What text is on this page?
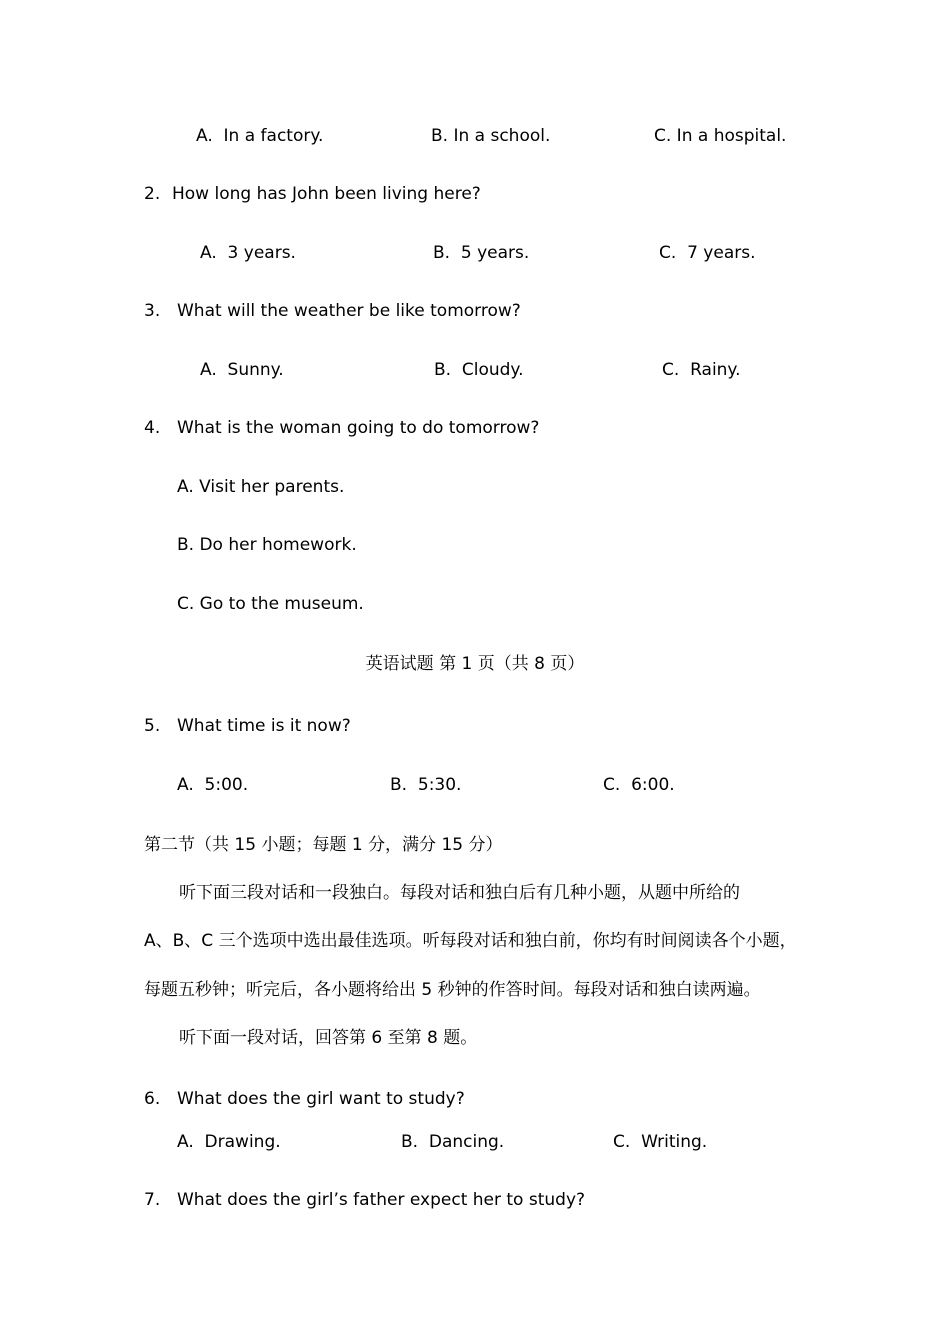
A.  In a factory.	B. In a school.	C. In a hospital.
2. How long has John been living here?
A.  3 years.	B.  5 years.	C.  7 years.
3. What will the weather be like tomorrow?
A.  Sunny.	B.  Cloudy.	C.  Rainy.
4. What is the woman going to do tomorrow?
A. Visit her parents.
B. Do her homework.
C. Go to the museum.
英语试题 第 1 页（共 8 页）
5. What time is it now?
A.  5:00.	B.  5:30.	C.  6:00.
第二节（共 15 小题；每题 1 分，满分 15 分）
听下面三段对话和一段独白。每段对话和独白后有几种小题，从题中所给的
A、B、C 三个选项中选出最佳选项。听每段对话和独白前，你均有时间阅读各个小题，
每题五秒钟；听完后，各小题将给出 5 秒钟的作答时间。每段对话和独白读两遍。
听下面一段对话，回答第 6 至第 8 题。
6. What does the girl want to study?
A.  Drawing.	B.  Dancing.	C.  Writing.
7. What does the girl’s father expect her to study?
